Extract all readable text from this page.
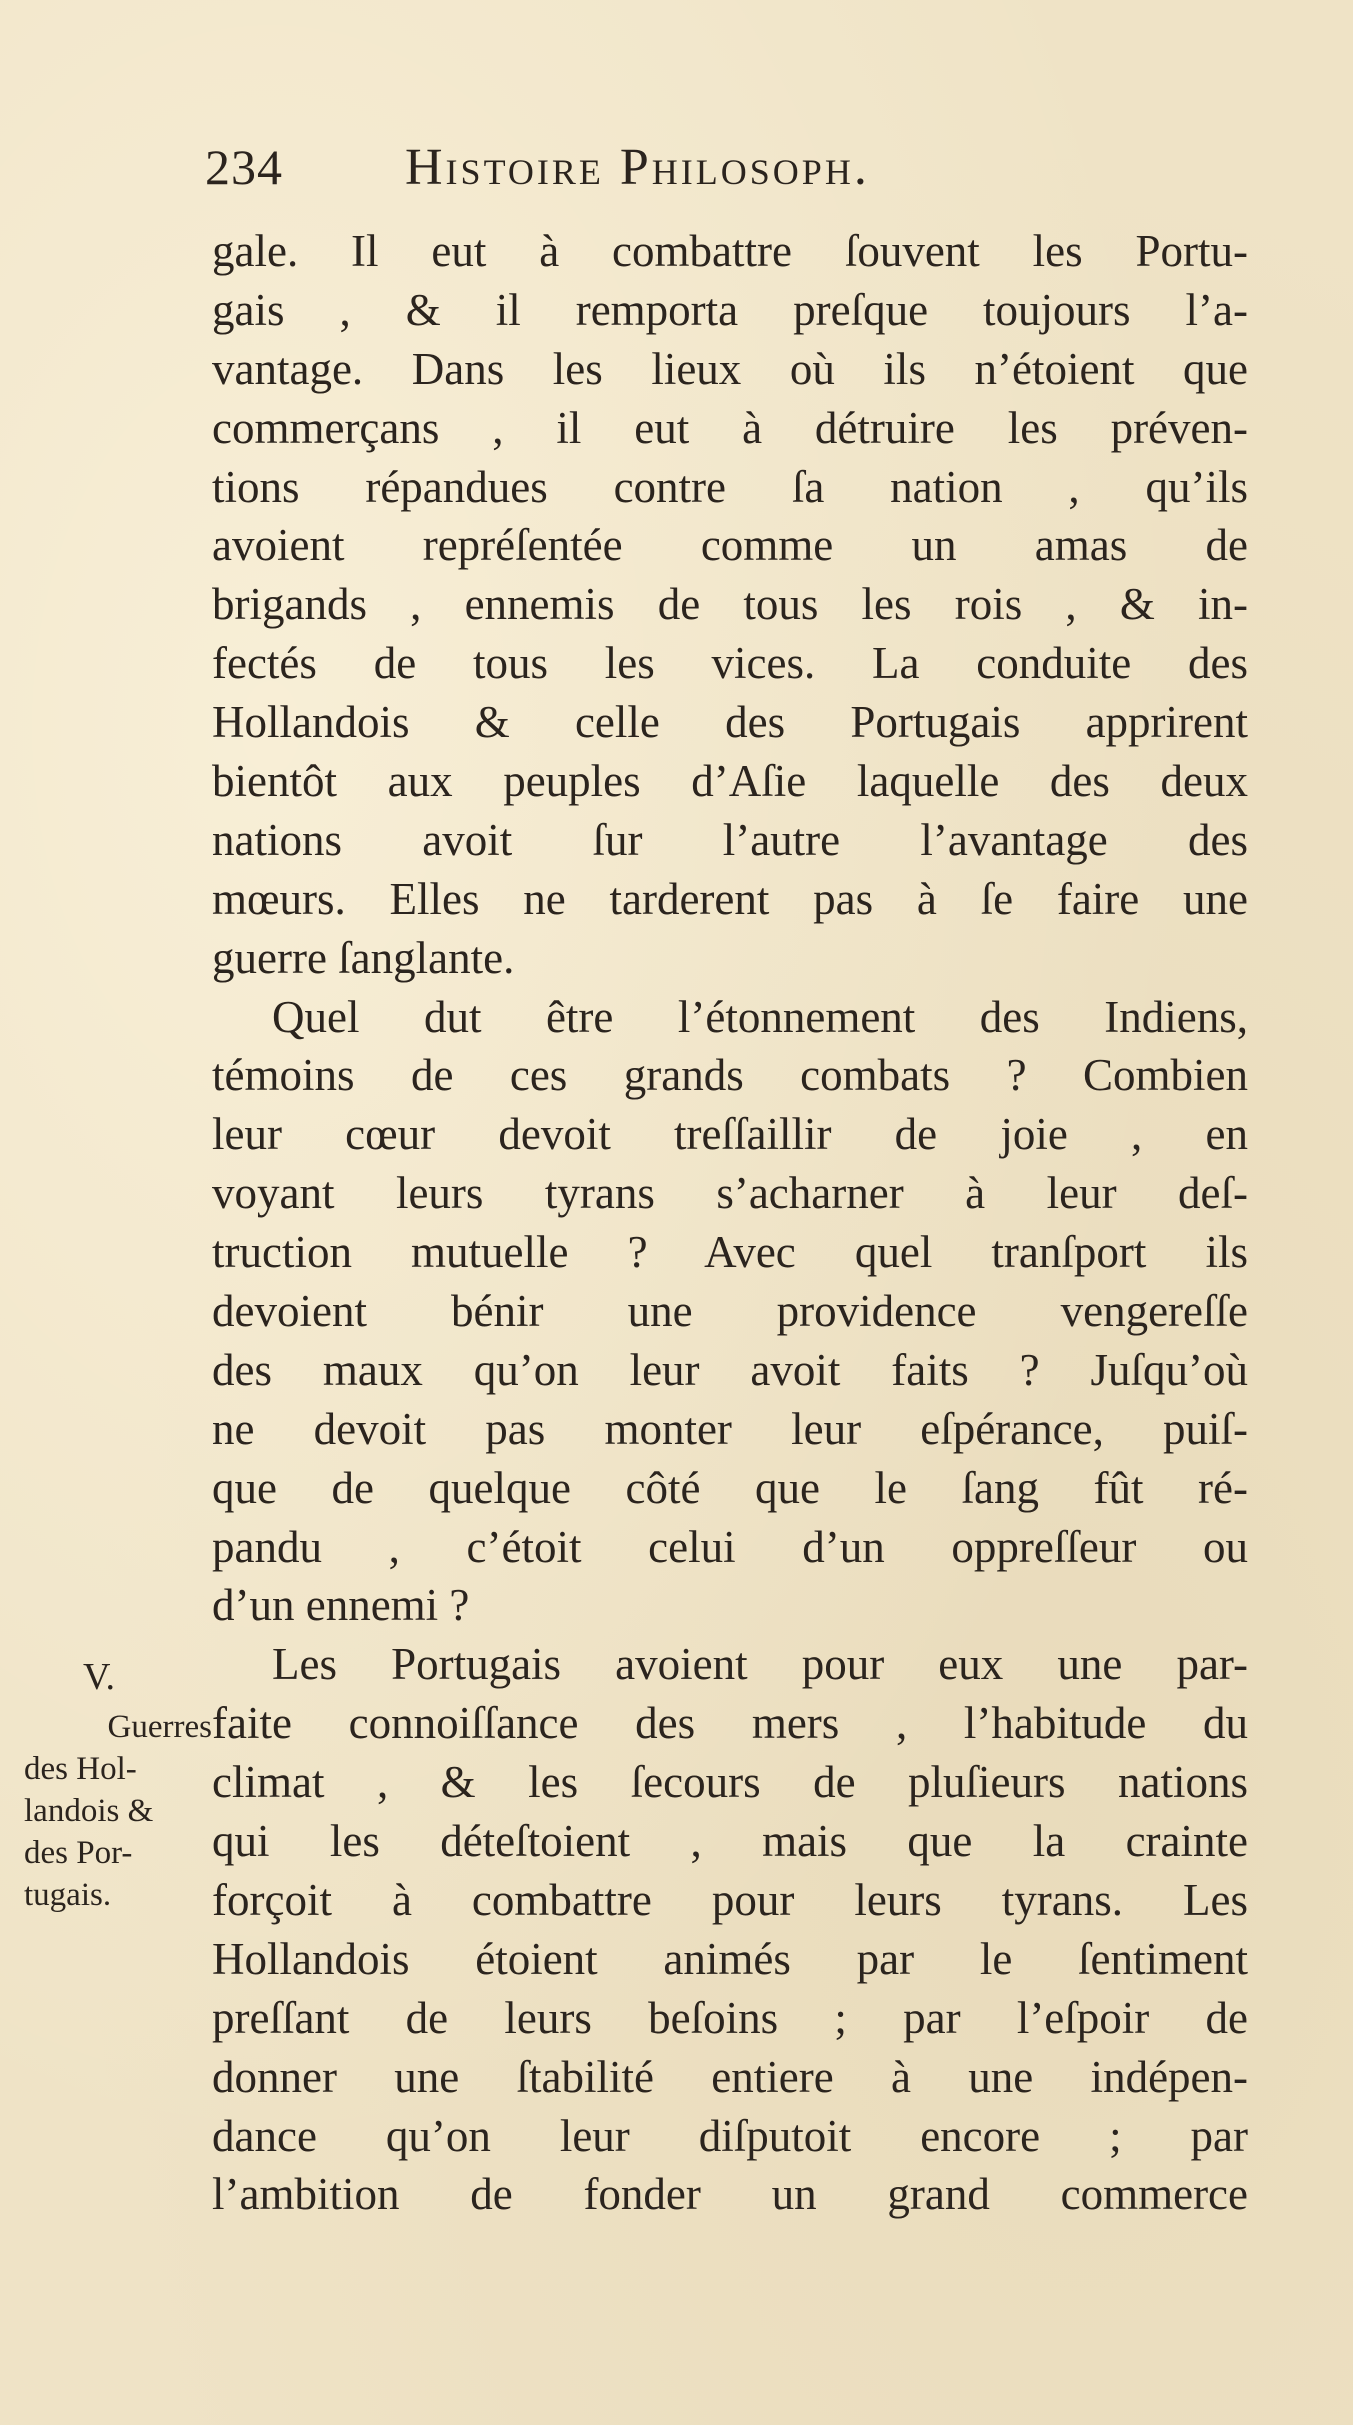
234	Histoire Philosoph.
gale. Il eut à combattre ſouvent les Portu-
gais , & il remporta preſque toujours l’a-
vantage. Dans les lieux où ils n’étoient que
commerçans , il eut à détruire les préven-
tions répandues contre ſa nation , qu’ils
avoient repréſentée comme un amas de
brigands , ennemis de tous les rois , & in-
fectés de tous les vices. La conduite des
Hollandois & celle des Portugais apprirent
bientôt aux peuples d’Aſie laquelle des deux
nations avoit ſur l’autre l’avantage des
mœurs. Elles ne tarderent pas à ſe faire une
guerre ſanglante.
Quel dut être l’étonnement des Indiens,
témoins de ces grands combats ? Combien
leur cœur devoit treſſaillir de joie , en
voyant leurs tyrans s’acharner à leur deſ-
truction mutuelle ? Avec quel tranſport ils
devoient bénir une providence vengereſſe
des maux qu’on leur avoit faits ? Juſqu’où
ne devoit pas monter leur eſpérance, puiſ-
que de quelque côté que le ſang fût ré-
pandu , c’étoit celui d’un oppreſſeur ou
d’un ennemi ?
Les Portugais avoient pour eux une par-
faite connoiſſance des mers , l’habitude du
climat , & les ſecours de pluſieurs nations
qui les déteſtoient , mais que la crainte
forçoit à combattre pour leurs tyrans. Les
Hollandois étoient animés par le ſentiment
preſſant de leurs beſoins ; par l’eſpoir de
donner une ſtabilité entiere à une indépen-
dance qu’on leur diſputoit encore ; par
l’ambition de fonder un grand commerce
V.
Guerres
des Hol-
landois &
des Por-
tugais.
